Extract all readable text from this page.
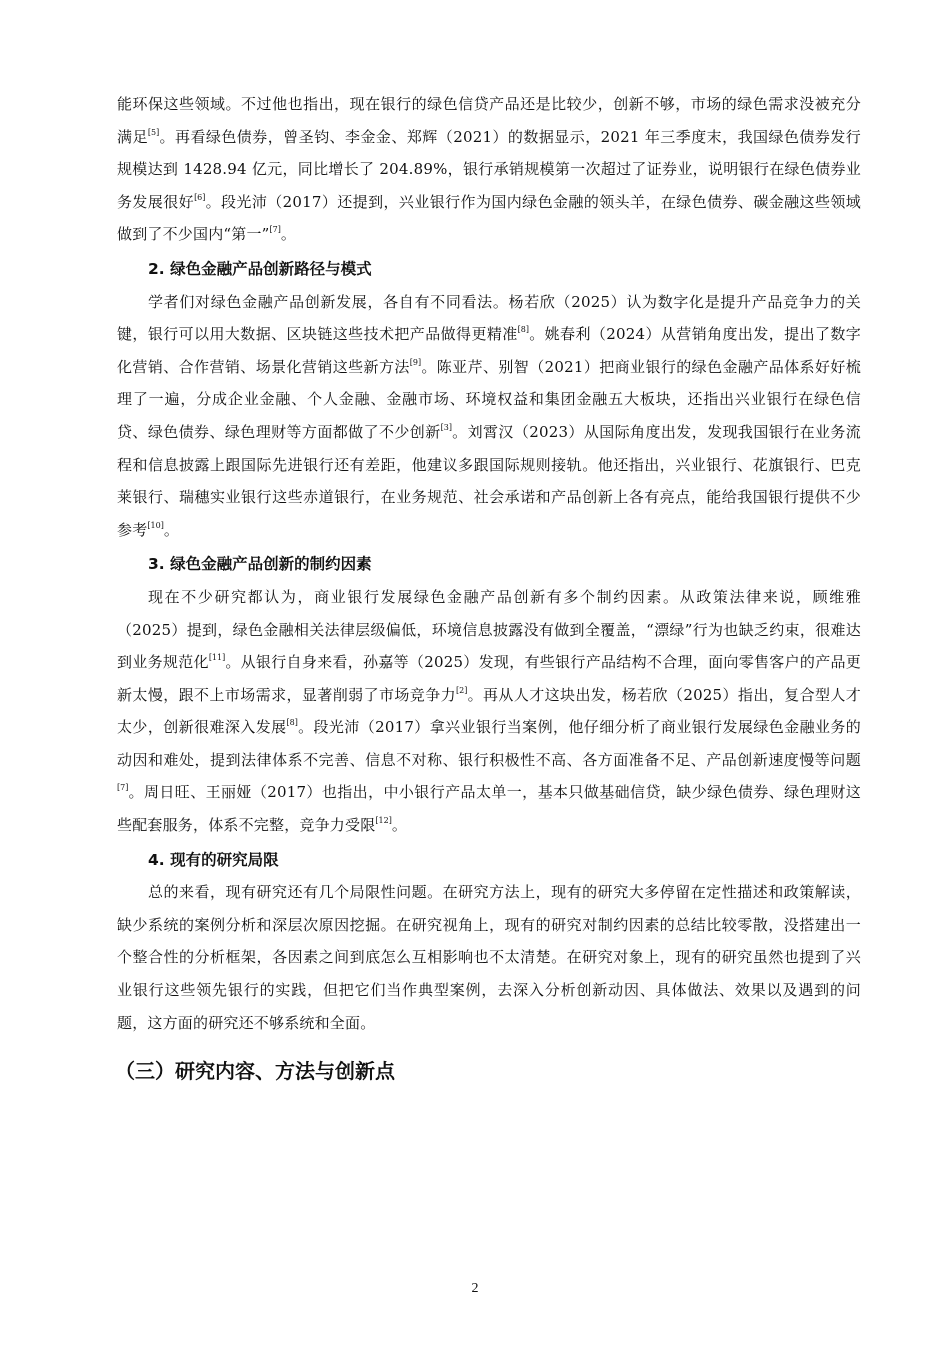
能环保这些领域。不过他也指出，现在银行的绿色信贷产品还是比较少，创新不够，市场的绿色需求没被充分满足[5]。再看绿色债券，曾圣钧、李金金、郑辉（2021）的数据显示，2021 年三季度末，我国绿色债券发行规模达到 1428.94 亿元，同比增长了 204.89%，银行承销规模第一次超过了证券业，说明银行在绿色债券业务发展很好[6]。段光沛（2017）还提到，兴业银行作为国内绿色金融的领头羊，在绿色债券、碳金融这些领域做到了不少国内“第一”[7]。

2. 绿色金融产品创新路径与模式

学者们对绿色金融产品创新发展，各自有不同看法。杨若欣（2025）认为数字化是提升产品竞争力的关键，银行可以用大数据、区块链这些技术把产品做得更精准[8]。姚春利（2024）从营销角度出发，提出了数字化营销、合作营销、场景化营销这些新方法[9]。陈亚芹、别智（2021）把商业银行的绿色金融产品体系好好梳理了一遍，分成企业金融、个人金融、金融市场、环境权益和集团金融五大板块，还指出兴业银行在绿色信贷、绿色债券、绿色理财等方面都做了不少创新[3]。刘霄汉（2023）从国际角度出发，发现我国银行在业务流程和信息披露上跟国际先进银行还有差距，他建议多跟国际规则接轨。他还指出，兴业银行、花旗银行、巴克莱银行、瑞穗实业银行这些赤道银行，在业务规范、社会承诺和产品创新上各有亮点，能给我国银行提供不少参考[10]。

3. 绿色金融产品创新的制约因素

现在不少研究都认为，商业银行发展绿色金融产品创新有多个制约因素。从政策法律来说，顾维雅（2025）提到，绿色金融相关法律层级偏低，环境信息披露没有做到全覆盖，“漂绿”行为也缺乏约束，很难达到业务规范化[11]。从银行自身来看，孙嘉等（2025）发现，有些银行产品结构不合理，面向零售客户的产品更新太慢，跟不上市场需求，显著削弱了市场竞争力[2]。再从人才这块出发，杨若欣（2025）指出，复合型人才太少，创新很难深入发展[8]。段光沛（2017）拿兴业银行当案例，他仔细分析了商业银行发展绿色金融业务的动因和难处，提到法律体系不完善、信息不对称、银行积极性不高、各方面准备不足、产品创新速度慢等问题[7]。周日旺、王丽娅（2017）也指出，中小银行产品太单一，基本只做基础信贷，缺少绿色债券、绿色理财这些配套服务，体系不完整，竞争力受限[12]。

4. 现有的研究局限

总的来看，现有研究还有几个局限性问题。在研究方法上，现有的研究大多停留在定性描述和政策解读，缺少系统的案例分析和深层次原因挖掘。在研究视角上，现有的研究对制约因素的总结比较零散，没搭建出一个整合性的分析框架，各因素之间到底怎么互相影响也不太清楚。在研究对象上，现有的研究虽然也提到了兴业银行这些领先银行的实践，但把它们当作典型案例，去深入分析创新动因、具体做法、效果以及遇到的问题，这方面的研究还不够系统和全面。

（三）研究内容、方法与创新点
2
